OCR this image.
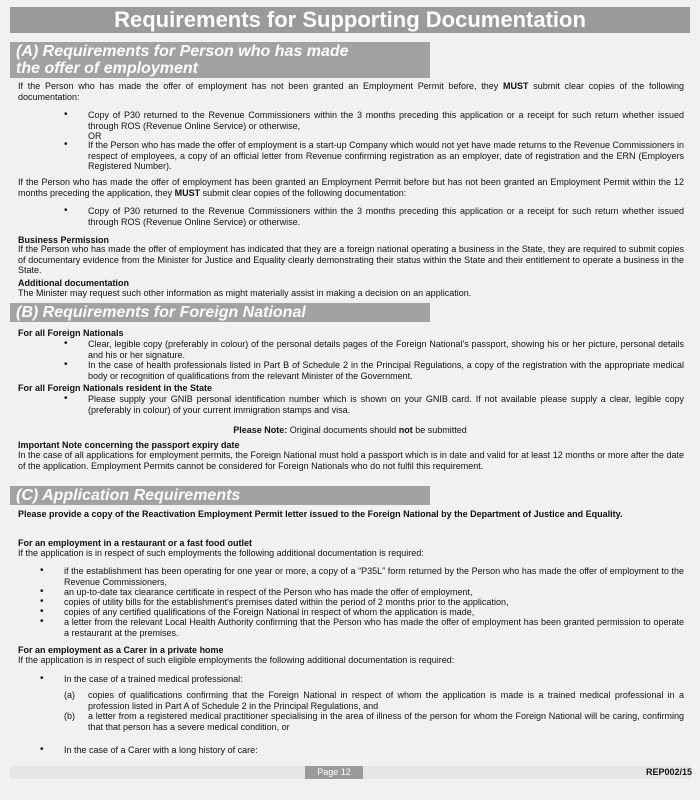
Requirements for Supporting Documentation
(A) Requirements for Person who has made
the offer of employment

If the Person who has made the offer of employment has not been granted an Employment Permit before, they MUST submit clear copies of the following documentation:

• Copy of P30 returned to the Revenue Commissioners within the 3 months preceding this application or a receipt for such return whether issued through ROS (Revenue Online Service) or otherwise,

OR

• If the Person who has made the offer of employment is a start-up Company which would not yet have made returns to the Revenue Commissioners in respect of employees, a copy of an official letter from Revenue confirming registration as an employer, date of registration and the ERN (Employers Registered Number).

If the Person who has made the offer of employment has been granted an Employment Permit before but has not been granted an Employment Permit within the 12 months preceding the application, they MUST submit clear copies of the following documentation:

• Copy of P30 returned to the Revenue Commissioners within the 3 months preceding this application or a receipt for such return whether issued through ROS (Revenue Online Service) or otherwise.

Business Permission

If the Person who has made the offer of employment has indicated that they are a foreign national operating a business in the State, they are required to submit copies of documentary evidence from the Minister for Justice and Equality clearly demonstrating their status within the State and their entitlement to operate a business in the State.

Additional documentation

The Minister may request such other information as might materially assist in making a decision on an application.

(B) Requirements for Foreign National

For all Foreign Nationals

• Clear, legible copy (preferably in colour) of the personal details pages of the Foreign National’s passport, showing his or her picture, personal details and his or her signature.

• In the case of health professionals listed in Part B of Schedule 2 in the Principal Regulations, a copy of the registration with the appropriate medical body or recognition of qualifications from the relevant Minister of the Government.

For all Foreign Nationals resident in the State

• Please supply your GNIB personal identification number which is shown on your GNIB card. If not available please supply a clear, legible copy (preferably in colour) of your current immigration stamps and visa.

Please Note: Original documents should not be submitted

Important Note concerning the passport expiry date

In the case of all applications for employment permits, the Foreign National must hold a passport which is in date and valid for at least 12 months or more after the date of the application. Employment Permits cannot be considered for Foreign Nationals who do not fulfil this requirement.

(C) Application Requirements

Please provide a copy of the Reactivation Employment Permit letter issued to the Foreign National by the Department of Justice and Equality.

For an employment in a restaurant or a fast food outlet

If the application is in respect of such employments the following additional documentation is required:

• if the establishment has been operating for one year or more, a copy of a “P35L” form returned by the Person who has made the offer of employment to the Revenue Commissioners,

• an up-to-date tax clearance certificate in respect of the Person who has made the offer of employment,

• copies of utility bills for the establishment's premises dated within the period of 2 months prior to the application,

• copies of any certified qualifications of the Foreign National in respect of whom the application is made,

• a letter from the relevant Local Health Authority confirming that the Person who has made the offer of employment has been granted permission to operate a restaurant at the premises.

For an employment as a Carer in a private home

If the application is in respect of such eligible employments the following additional documentation is required:

• In the case of a trained medical professional:

(a) copies of qualifications confirming that the Foreign National in respect of whom the application is made is a trained medical professional in a profession listed in Part A of Schedule 2 in the Principal Regulations, and

(b) a letter from a registered medical practitioner specialising in the area of illness of the person for whom the Foreign National will be caring, confirming that that person has a severe medical condition, or

• In the case of a Carer with a long history of care:

Page 12	REP002/15
